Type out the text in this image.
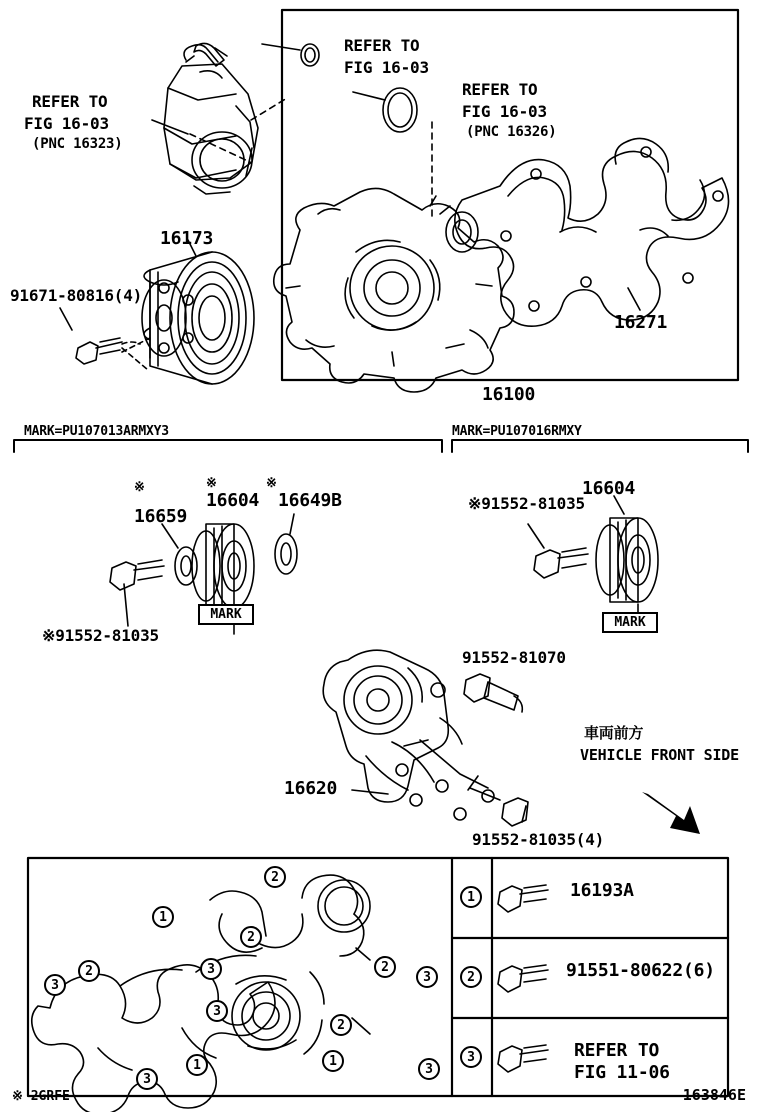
REFER TO
FIG 16-03
(PNC 16323)
REFER TO
FIG 16-03
REFER TO
FIG 16-03
(PNC 16326)
16173
91671-80816(4)
16271
16100
MARK=PU107013ARMXY3	MARK=PU107016RMXY
※	※	※
16659
16604 16649B
※91552-81035
16604
※91552-81035
MARK
MARK
16620
91552-81070
91552-81035(4)
車両前方
VEHICLE FRONT SIDE
1	16193A
2	91551-80622(6)
3	REFER TO
FIG 11-06
2
1
2
3	2
3
3
2
3
1	1
3
2
3
※ 2GRFE	163846E
